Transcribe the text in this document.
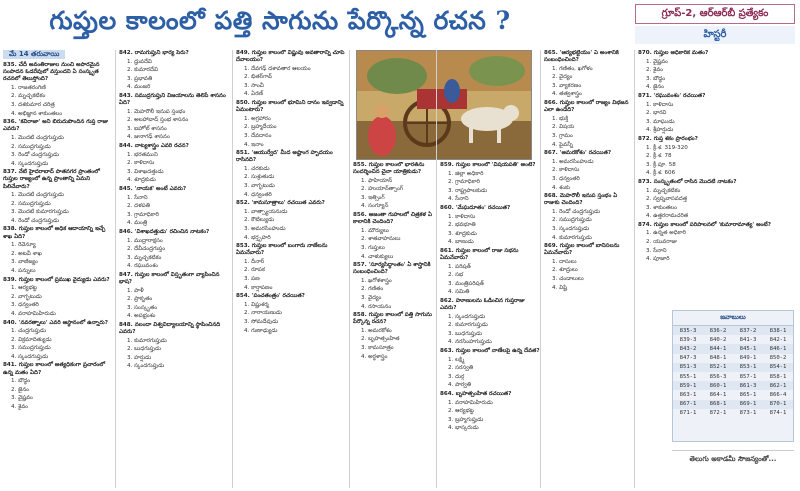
గుప్తుల కాలంలో పత్తి సాగును పేర్కొన్న రచన ?	గ్రూప్-2, ఆర్ఆర్‌బీ ప్రత్యేకం
హిస్టరీ
మే 14 తరువాయి

835. చేదీ అవంతిరాజుల నుంచి అపారమైన సంపాదన ఓడరేవులో వస్తుందని ఏ సంస్కృత రచనలో తెలుస్తోంది?

1. రాజతరంగిణి

2. మృచ్ఛకటికం

3. దశకుమార చరిత్ర

4. అభిజ్ఞాన శాకుంతలం

836. 'కవిరాజా' అని బిరుదుపొందిన గుప్త రాజు ఎవరు?

1. మొదటి చంద్రగుప్తుడు

2. సముద్రగుప్తుడు

3. రెండో చంద్రగుప్తుడు

4. స్కందగుప్తుడు

837. నేటి హైదరాబాద్ పాతనగర ప్రాంతంలో గుప్తుల రాజ్యంలో ఉన్న ప్రాంతాన్ని ఏమని పిలిచేవారు?

1. మొదటి చంద్రగుప్తుడు

2. సముద్రగుప్తుడు

3. మొదటి కుమారగుప్తుడు

4. రెండో చంద్రగుప్తుడు

838. గుప్తుల కాలంలో అధిక ఆదాయాన్ని ఇచ్చే శాఖ ఏది?

1. రెవెన్యూ

2. అటవీ శాఖ

3. వాణిజ్యం

4. పన్నులు

839. గుప్తుల కాలంలో ప్రముఖ వైద్యుడు ఎవరు?

1. ఆర్యభట్ట

2. వాగ్భటుడు

3. ధన్వంతరి

4. వరాహమిహిరుడు

840. 'నవరత్నాలు' ఎవరి ఆస్థానంలో ఉన్నారు?

1. చంద్రగుప్తుడు

2. విక్రమాదిత్యుడు

3. సముద్రగుప్తుడు

4. స్కందగుప్తుడు

841. గుప్తుల కాలంలో అత్యధికంగా ప్రచారంలో ఉన్న మతం ఏది?

1. బౌద్ధం

2. జైనం

3. వైష్ణవం

4. శైవం

842. రామగుప్తుని భార్య పేరు?

1. ధ్రువదేవి

2. కుమారదేవి

3. ప్రభావతి

4. మంజరి

843. సముద్రగుప్తుని విజయాలను తెలిపే శాసనం ఏది?

1. మెహరౌలీ ఇనుప స్తంభం

2. అలహాబాద్ స్తంభ శాసనం

3. ఐహోల్ శాసనం

4. జునాగఢ్ శాసనం

844. నాట్యశాస్త్రం ఎవరి రచన?

1. భరతముని

2. కాళిదాసు

3. విశాఖదత్తుడు

4. శూద్రకుడు

845. 'నాయక' అంటే ఎవరు?

1. సేనాని

2. దళపతి

3. గ్రామాధికారి

4. మంత్రి

846. 'విశాఖదత్తుడు' రచించిన నాటకం?

1. ముద్రారాక్షసం

2. దేవీచంద్రగుప్తం

3. మృచ్ఛకటికం

4. రఘువంశం

847. గుప్తుల కాలంలో విస్తృతంగా వ్యాపించిన భాష?

1. పాళీ

2. ప్రాకృతం

3. సంస్కృతం

4. అపభ్రంశం

848. నలందా విశ్వవిద్యాలయాన్ని స్థాపించినది ఎవరు?

1. కుమారగుప్తుడు

2. బుధగుప్తుడు

3. హర్షుడు

4. స్కందగుప్తుడు

849. గుప్తుల కాలంలో విష్ణువు అవతారాన్ని చూపే దేవాలయం?

1. దేవగఢ్ దశావతార ఆలయం

2. భితర్‌గావ్

3. సాంచీ

4. ఏరణ్

850. గుప్తుల కాలంలో భూమిని దానం ఇవ్వడాన్ని ఏమంటారు?

1. అగ్రహారం

2. బ్రహ్మదేయం

3. దేవదానం

4. ఇనాం

851. 'ఆయుర్వేద' మీద అష్టాంగ హృదయం రాసినది?

1. చరకుడు

2. సుశ్రుతుడు

3. వాగ్భటుడు

4. ధన్వంతరి

852. 'కామసూత్రాలు' రచయిత ఎవరు?

1. వాత్స్యాయనుడు

2. కౌటిల్యుడు

3. అమరసింహుడు

4. భర్తృహరి

853. గుప్తుల కాలంలో బంగారు నాణేలను ఏమనేవారు?

1. దీనార్

2. రూపక

3. పణ

4. కార్షాపణం

854. 'పంచతంత్రం' రచయిత?

1. విష్ణుశర్మ

2. నారాయణుడు

3. సోమదేవుడు

4. గుణాఢ్యుడు

855. గుప్తుల కాలంలో భారత్‌ను సందర్శించిన చైనా యాత్రికుడు?

1. ఫాహియాన్

2. హుయాన్‌త్సాంగ్

3. ఇత్సింగ్

4. సంగ్యూన్

856. అజంతా గుహలలో చిత్రకళ ఏ కాలానికి చెందింది?

1. మౌర్యులు

2. శాతవాహనులు

3. గుప్తులు

4. చాళుక్యులు

857. 'సూర్యసిద్ధాంతం' ఏ శాస్త్రానికి సంబంధించింది?

1. ఖగోళశాస్త్రం

2. గణితం

3. వైద్యం

4. రసాయనం

858. గుప్తుల కాలంలో పత్తి సాగును పేర్కొన్న రచన?

1. అమరకోశం

2. బృహత్సంహిత

3. కామసూత్రం

4. అర్థశాస్త్రం

859. గుప్తుల కాలంలో 'విషయపతి' అంటే?

1. జిల్లా అధికారి

2. గ్రామాధికారి

3. రాష్ట్రపాలకుడు

4. సేనాని

860. 'మేఘదూతం' రచయిత?

1. కాళిదాసు

2. భవభూతి

3. శూద్రకుడు

4. బాణుడు

861. గుప్తుల కాలంలో రాజు సభను ఏమనేవారు?

1. పరిషత్

2. సభ

3. మంత్రిపరిషత్

4. సమితి

862. హూణులను ఓడించిన గుప్తరాజు ఎవరు?

1. స్కందగుప్తుడు

2. కుమారగుప్తుడు

3. బుధగుప్తుడు

4. నరసింహగుప్తుడు

863. గుప్తుల కాలంలో నాణేలపై ఉన్న దేవత?

1. లక్ష్మి

2. సరస్వతి

3. దుర్గ

4. పార్వతి

864. బృహత్సంహిత రచయిత?

1. వరాహమిహిరుడు

2. ఆర్యభట్ట

3. బ్రహ్మగుప్తుడు

4. భాస్కరుడు

865. 'ఆర్యభట్టీయం' ఏ అంశానికి సంబంధించింది?

1. గణితం, ఖగోళం

2. వైద్యం

3. వ్యాకరణం

4. తత్వశాస్త్రం

866. గుప్తుల కాలంలో రాజ్యం విభజన ఎలా ఉండేది?

1. భుక్తి

2. విషయ

3. గ్రామం

4. పైవన్నీ

867. 'అమరకోశం' రచయిత?

1. అమరసింహుడు

2. కాళిదాసు

3. ధన్వంతరి

4. శంకు

868. మెహరౌలీ ఇనుప స్తంభం ఏ రాజుకు చెందింది?

1. రెండో చంద్రగుప్తుడు

2. సముద్రగుప్తుడు

3. స్కందగుప్తుడు

4. కుమారగుప్తుడు

869. గుప్తుల కాలంలో బానిసలను ఏమనేవారు?

1. దాసులు

2. శూద్రులు

3. చండాలులు

4. విష్టి

870. గుప్తుల అధికారిక మతం?

1. వైష్ణవం

2. శైవం

3. బౌద్ధం

4. జైనం

871. 'రఘువంశం' రచయిత?

1. కాళిదాసు

2. భారవి

3. మాఘుడు

4. శ్రీహర్షుడు

872. గుప్త శకం ప్రారంభం?

1. క్రీ.శ. 319-320

2. క్రీ.శ. 78

3. క్రీ.పూ. 58

4. క్రీ.శ. 606

873. సంస్కృతంలో రాసిన మొదటి నాటకం?

1. మృచ్ఛకటికం

2. స్వప్నవాసవదత్త

3. శాకుంతలం

4. ఉత్తరరామచరిత

874. గుప్తుల కాలంలో పరిపాలనలో 'కుమారామాత్య' అంటే?

1. ఉన్నత అధికారి

2. యువరాజు

3. సేనాని

4. పూజారి

జవాబులు
835-3	836-2	837-2	838-1
839-3	840-2	841-3	842-1
843-2	844-1	845-1	846-1
847-3	848-1	849-1	850-2
851-3	852-1	853-1	854-1
855-1	856-3	857-1	858-1
859-1	860-1	861-3	862-1
863-1	864-1	865-1	866-4
867-1	868-1	869-1	870-1
871-1	872-1	873-1	874-1
తెలుగు అకాడమీ సౌజన్యంతో...
